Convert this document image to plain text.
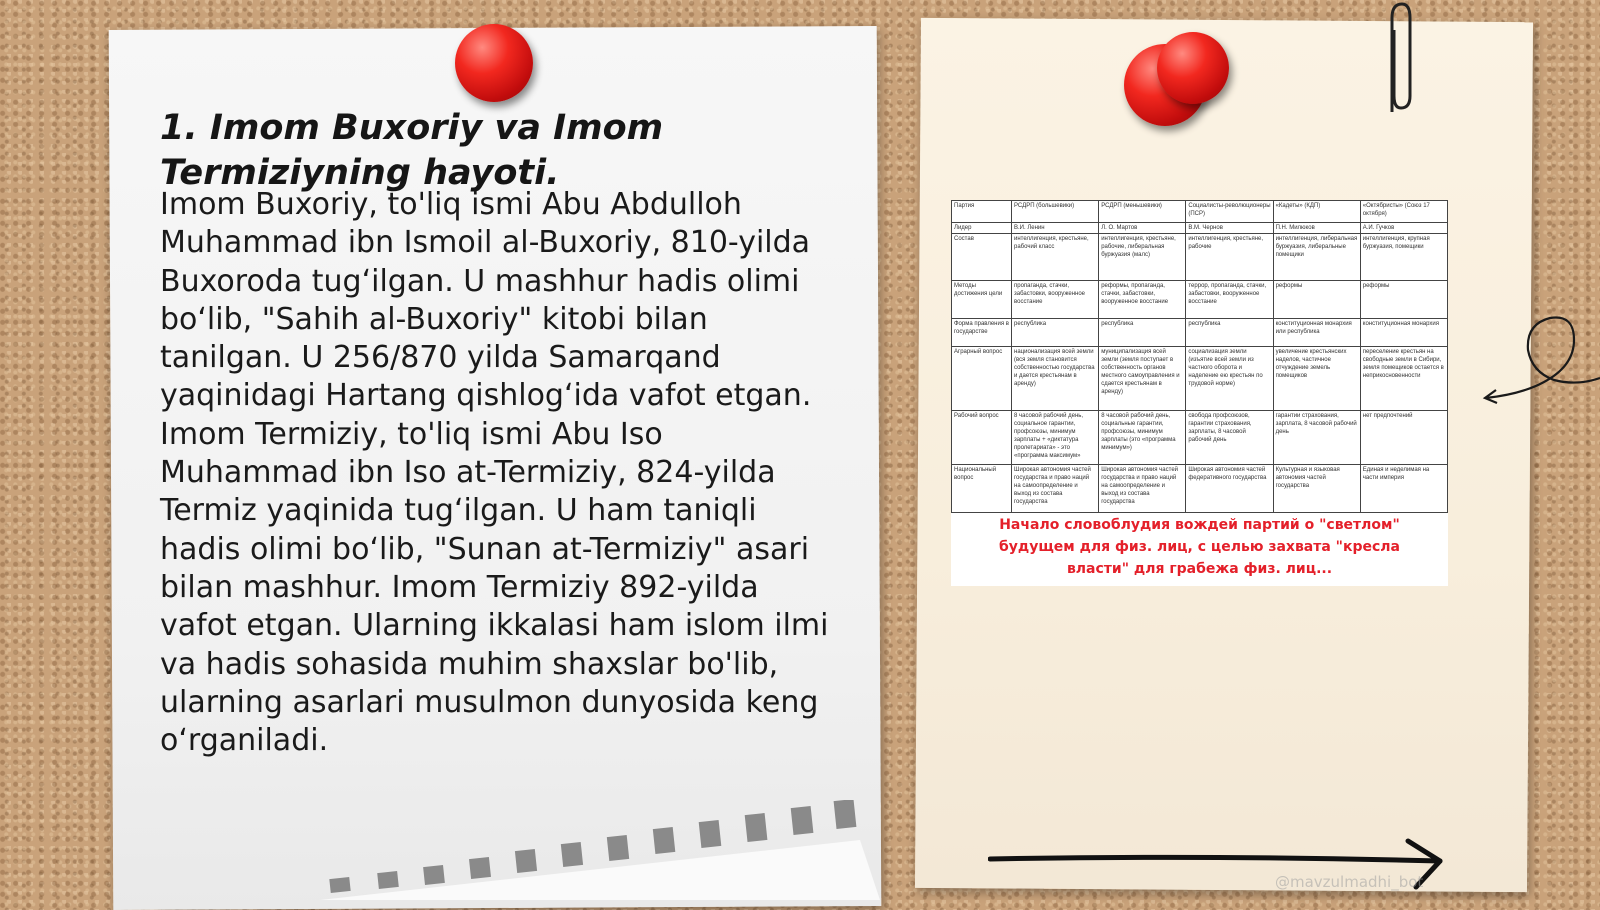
1. Imom Buxoriy va Imom Termiziyning hayoti.

Imom Buxoriy, to'liq ismi Abu Abdulloh
Muhammad ibn Ismoil al-Buxoriy, 810-yilda
Buxoroda tug‘ilgan. U mashhur hadis olimi
bo‘lib, "Sahih al-Buxoriy" kitobi bilan
tanilgan. U 256/870 yilda Samarqand
yaqinidagi Hartang qishlog‘ida vafot etgan.
Imom Termiziy, to'liq ismi Abu Iso
Muhammad ibn Iso at-Termiziy, 824-yilda
Termiz yaqinida tug‘ilgan. U ham taniqli
hadis olimi bo‘lib, "Sunan at-Termiziy" asari
bilan mashhur. Imom Termiziy 892-yilda
vafot etgan. Ularning ikkalasi ham islom ilmi
va hadis sohasida muhim shaxslar bo'lib,
ularning asarlari musulmon dunyosida keng
o‘rganiladi.

Партия	РСДРП (большевики)	РСДРП (меньшевики)	Социалисты-революционеры (ПСР)	«Кадеты» (КДП)	«Октябристы» (Союз 17 октября)
Лидер	В.И. Ленин	Л. О. Мартов	В.М. Чернов	П.Н. Милюков	А.И. Гучков
Состав	интеллигенция, крестьяне, рабочий класс	интеллигенция, крестьяне, рабочие, либеральная буржуазия (малс)	интеллигенция, крестьяне, рабочие	интеллигенция, либеральная буржуазия, либеральные помещики	интеллигенция, крупная буржуазия, помещики
Методы достижения цели	пропаганда, стачки, забастовки, вооруженное восстание	реформы, пропаганда, стачки, забастовки, вооруженное восстание	террор, пропаганда, стачки, забастовки, вооруженное восстание	реформы	реформы
Форма правления в государстве	республика	республика	республика	конституционная монархия или республика	конституционная монархия
Аграрный вопрос	национализация всей земли (вся земля становится собственностью государства и дается крестьянам в аренду)	муниципализация всей земли (земля поступает в собственность органов местного самоуправления и сдается крестьянам в аренду)	социализация земли (изъятие всей земли из частного оборота и наделение ею крестьян по трудовой норме)	увеличение крестьянских наделов, частичное отчуждение земель помещиков	переселение крестьян на свободные земли в Сибири, земля помещиков остается в неприкосновенности
Рабочий вопрос	8 часовой рабочий день, социальное гарантии, профсоюзы, минимум зарплаты + «диктатура пролетариата» - это «программа максимум»	8 часовой рабочий день, социальные гарантии, профсоюзы, минимум зарплаты (это «программа минимум»)	свобода профсоюзов, гарантии страхования, зарплаты, 8 часовой рабочий день	гарантии страхования, зарплата, 8 часовой рабочий день	нет предпочтений
Национальный вопрос	Широкая автономия частей государства и право наций на самоопределение и выход из состава государства	Широкая автономия частей государства и право наций на самоопределение и выход из состава государства	Широкая автономия частей федеративного государства	Культурная и языковая автономия частей государства	Единая и неделимая на части империя

Начало словоблудия вождей партий о "светлом"
будущем для физ. лиц, с целью захвата "кресла
власти" для грабежа физ. лиц...

@mavzulmadhi_bot
